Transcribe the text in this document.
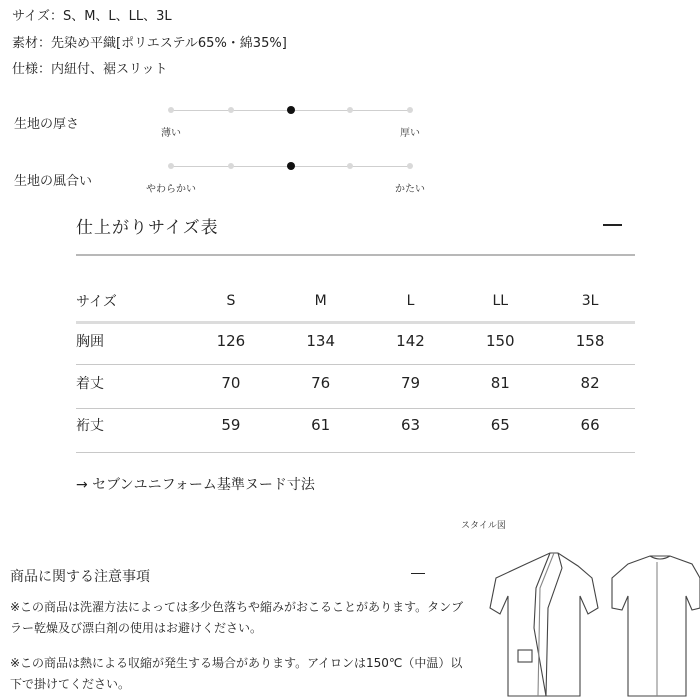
サイズ：S、M、L、LL、3L
素材：先染め平織[ポリエステル65%・綿35%]
仕様：内紐付、裾スリット
生地の厚さ
薄い	厚い
生地の風合い
やわらかい	かたい
仕上がりサイズ表
サイズ	S	M	L	LL	3L
胸囲	126	134	142	150	158
着丈	70	76	79	81	82
裄丈	59	61	63	65	66
→ セブンユニフォーム基準ヌード寸法
スタイル図
商品に関する注意事項
※この商品は洗濯方法によっては多少色落ちや縮みがおこることがあります。タンブラー乾燥及び漂白剤の使用はお避けください。
※この商品は熱による収縮が発生する場合があります。アイロンは150℃（中温）以下で掛けてください。
